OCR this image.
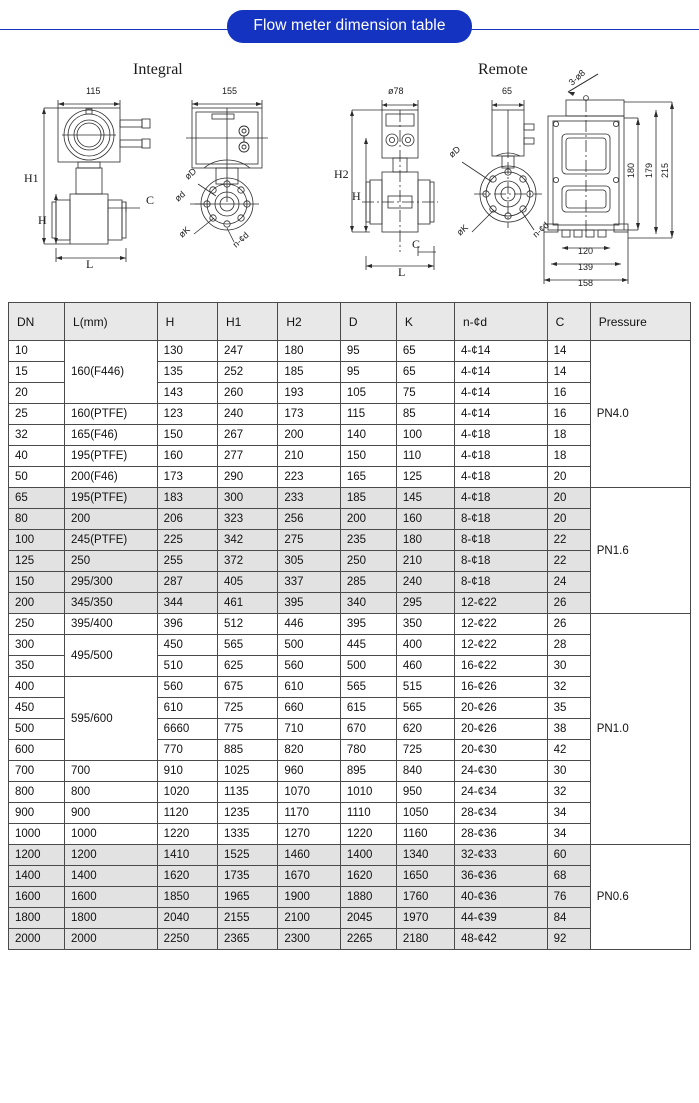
Flow meter dimension table
Integral
115
H1
H
C
L
155
øD
ød
øK	n-¢d
Remote
ø78
H2
H
C
L
65
øD
øK	n-¢d
3-ø8
180 179 215
120
139
158
DN	L(mm)	H	H1	H2	D	K	n-¢d	C	Pressure
10	160(F446)	130	247	180	95	65	4-¢14	14	PN4.0
15		135	252	185	95	65	4-¢14	14	
20		143	260	193	105	75	4-¢14	16	
25	160(PTFE)	123	240	173	115	85	4-¢14	16	
32	165(F46)	150	267	200	140	100	4-¢18	18	
40	195(PTFE)	160	277	210	150	110	4-¢18	18	
50	200(F46)	173	290	223	165	125	4-¢18	20	
65	195(PTFE)	183	300	233	185	145	4-¢18	20	PN1.6
80	200	206	323	256	200	160	8-¢18	20	
100	245(PTFE)	225	342	275	235	180	8-¢18	22	
125	250	255	372	305	250	210	8-¢18	22	
150	295/300	287	405	337	285	240	8-¢18	24	
200	345/350	344	461	395	340	295	12-¢22	26	
250	395/400	396	512	446	395	350	12-¢22	26	PN1.0
300	495/500	450	565	500	445	400	12-¢22	28	
350		510	625	560	500	460	16-¢22	30	
400	595/600	560	675	610	565	515	16-¢26	32	
450		610	725	660	615	565	20-¢26	35	
500		6660	775	710	670	620	20-¢26	38	
600		770	885	820	780	725	20-¢30	42	
700	700	910	1025	960	895	840	24-¢30	30	
800	800	1020	1135	1070	1010	950	24-¢34	32	
900	900	1120	1235	1170	1110	1050	28-¢34	34	
1000	1000	1220	1335	1270	1220	1160	28-¢36	34	
1200	1200	1410	1525	1460	1400	1340	32-¢33	60	PN0.6
1400	1400	1620	1735	1670	1620	1650	36-¢36	68	
1600	1600	1850	1965	1900	1880	1760	40-¢36	76	
1800	1800	2040	2155	2100	2045	1970	44-¢39	84	
2000	2000	2250	2365	2300	2265	2180	48-¢42	92	
